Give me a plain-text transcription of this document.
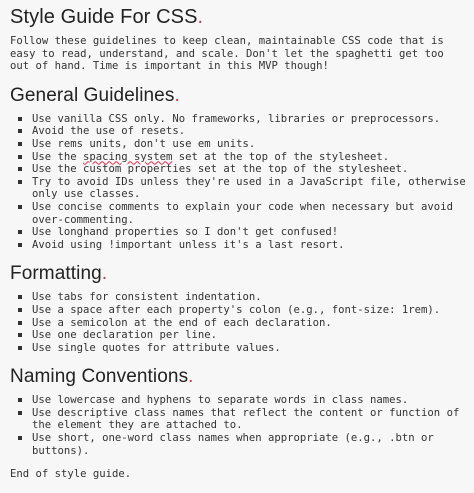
Style Guide For CSS.

Follow these guidelines to keep clean, maintainable CSS code that is easy to read, understand, and scale. Don't let the spaghetti get too out of hand. Time is important in this MVP though!

General Guidelines.
Use vanilla CSS only. No frameworks, libraries or preprocessors.
Avoid the use of resets.
Use rems units, don't use em units.
Use the spacing system set at the top of the stylesheet.
Use the custom properties set at the top of the stylesheet.
Try to avoid IDs unless they're used in a JavaScript file, otherwise only use classes.
Use concise comments to explain your code when necessary but avoid over-commenting.
Use longhand properties so I don't get confused!
Avoid using !important unless it's a last resort.
Formatting.
Use tabs for consistent indentation.
Use a space after each property's colon (e.g., font-size: 1rem).
Use a semicolon at the end of each declaration.
Use one declaration per line.
Use single quotes for attribute values.
Naming Conventions.
Use lowercase and hyphens to separate words in class names.
Use descriptive class names that reflect the content or function of the element they are attached to.
Use short, one-word class names when appropriate (e.g., .btn or buttons).

End of style guide.
